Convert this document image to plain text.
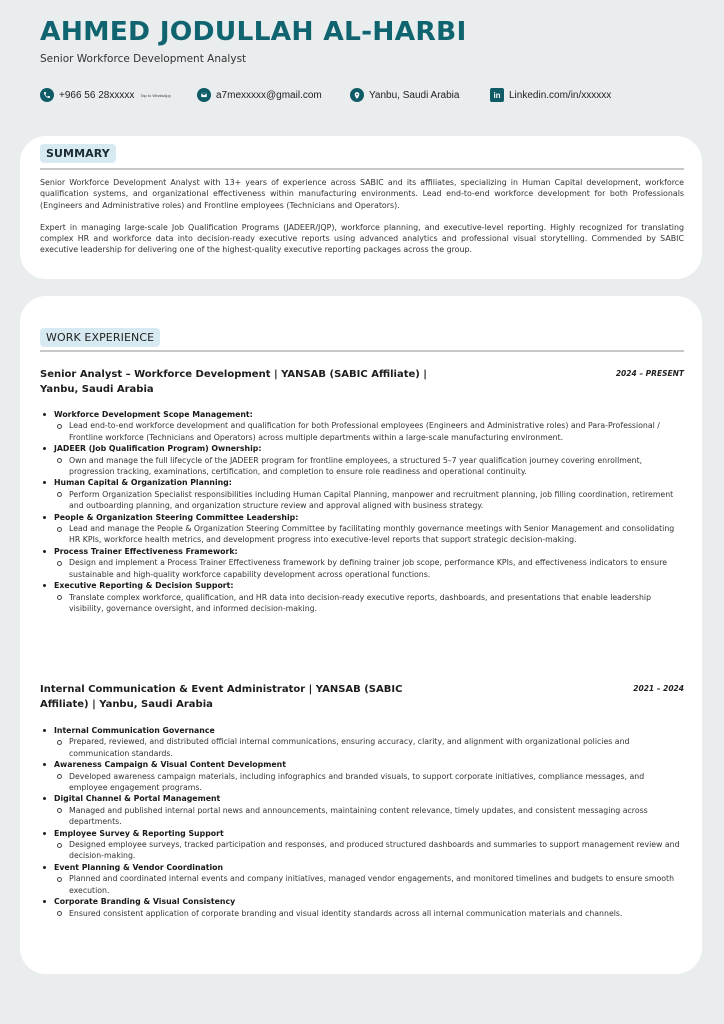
AHMED JODULLAH AL-HARBI
Senior Workforce Development Analyst
+966 56 28xxxxx Tap to WhatsApp	a7mexxxxx@gmail.com	Yanbu, Saudi Arabia	in Linkedin.com/in/xxxxxx
SUMMARY

Senior Workforce Development Analyst with 13+ years of experience across SABIC and its affiliates, specializing in Human Capital development, workforce qualification systems, and organizational effectiveness within manufacturing environments. Lead end-to-end workforce development for both Professionals (Engineers and Administrative roles) and Frontline employees (Technicians and Operators).

Expert in managing large-scale Job Qualification Programs (JADEER/JQP), workforce planning, and executive-level reporting. Highly recognized for translating complex HR and workforce data into decision-ready executive reports using advanced analytics and professional visual storytelling. Commended by SABIC executive leadership for delivering one of the highest-quality executive reporting packages across the group.

WORK EXPERIENCE
Senior Analyst – Workforce Development | YANSAB (SABIC Affiliate) | Yanbu, Saudi Arabia
2024 – PRESENT
Workforce Development Scope Management:
Lead end-to-end workforce development and qualification for both Professional employees (Engineers and Administrative roles) and Para-Professional / Frontline workforce (Technicians and Operators) across multiple departments within a large-scale manufacturing environment.
JADEER (Job Qualification Program) Ownership:
Own and manage the full lifecycle of the JADEER program for frontline employees, a structured 5–7 year qualification journey covering enrollment, progression tracking, examinations, certification, and completion to ensure role readiness and operational continuity.
Human Capital & Organization Planning:
Perform Organization Specialist responsibilities including Human Capital Planning, manpower and recruitment planning, job filling coordination, retirement and outboarding planning, and organization structure review and approval aligned with business strategy.
People & Organization Steering Committee Leadership:
Lead and manage the People & Organization Steering Committee by facilitating monthly governance meetings with Senior Management and consolidating HR KPIs, workforce health metrics, and development progress into executive-level reports that support strategic decision-making.
Process Trainer Effectiveness Framework:
Design and implement a Process Trainer Effectiveness framework by defining trainer job scope, performance KPIs, and effectiveness indicators to ensure sustainable and high-quality workforce capability development across operational functions.
Executive Reporting & Decision Support:
Translate complex workforce, qualification, and HR data into decision-ready executive reports, dashboards, and presentations that enable leadership visibility, governance oversight, and informed decision-making.
Internal Communication & Event Administrator | YANSAB (SABIC Affiliate) | Yanbu, Saudi Arabia
2021 – 2024
Internal Communication Governance
Prepared, reviewed, and distributed official internal communications, ensuring accuracy, clarity, and alignment with organizational policies and communication standards.
Awareness Campaign & Visual Content Development
Developed awareness campaign materials, including infographics and branded visuals, to support corporate initiatives, compliance messages, and employee engagement programs.
Digital Channel & Portal Management
Managed and published internal portal news and announcements, maintaining content relevance, timely updates, and consistent messaging across departments.
Employee Survey & Reporting Support
Designed employee surveys, tracked participation and responses, and produced structured dashboards and summaries to support management review and decision-making.
Event Planning & Vendor Coordination
Planned and coordinated internal events and company initiatives, managed vendor engagements, and monitored timelines and budgets to ensure smooth execution.
Corporate Branding & Visual Consistency
Ensured consistent application of corporate branding and visual identity standards across all internal communication materials and channels.
